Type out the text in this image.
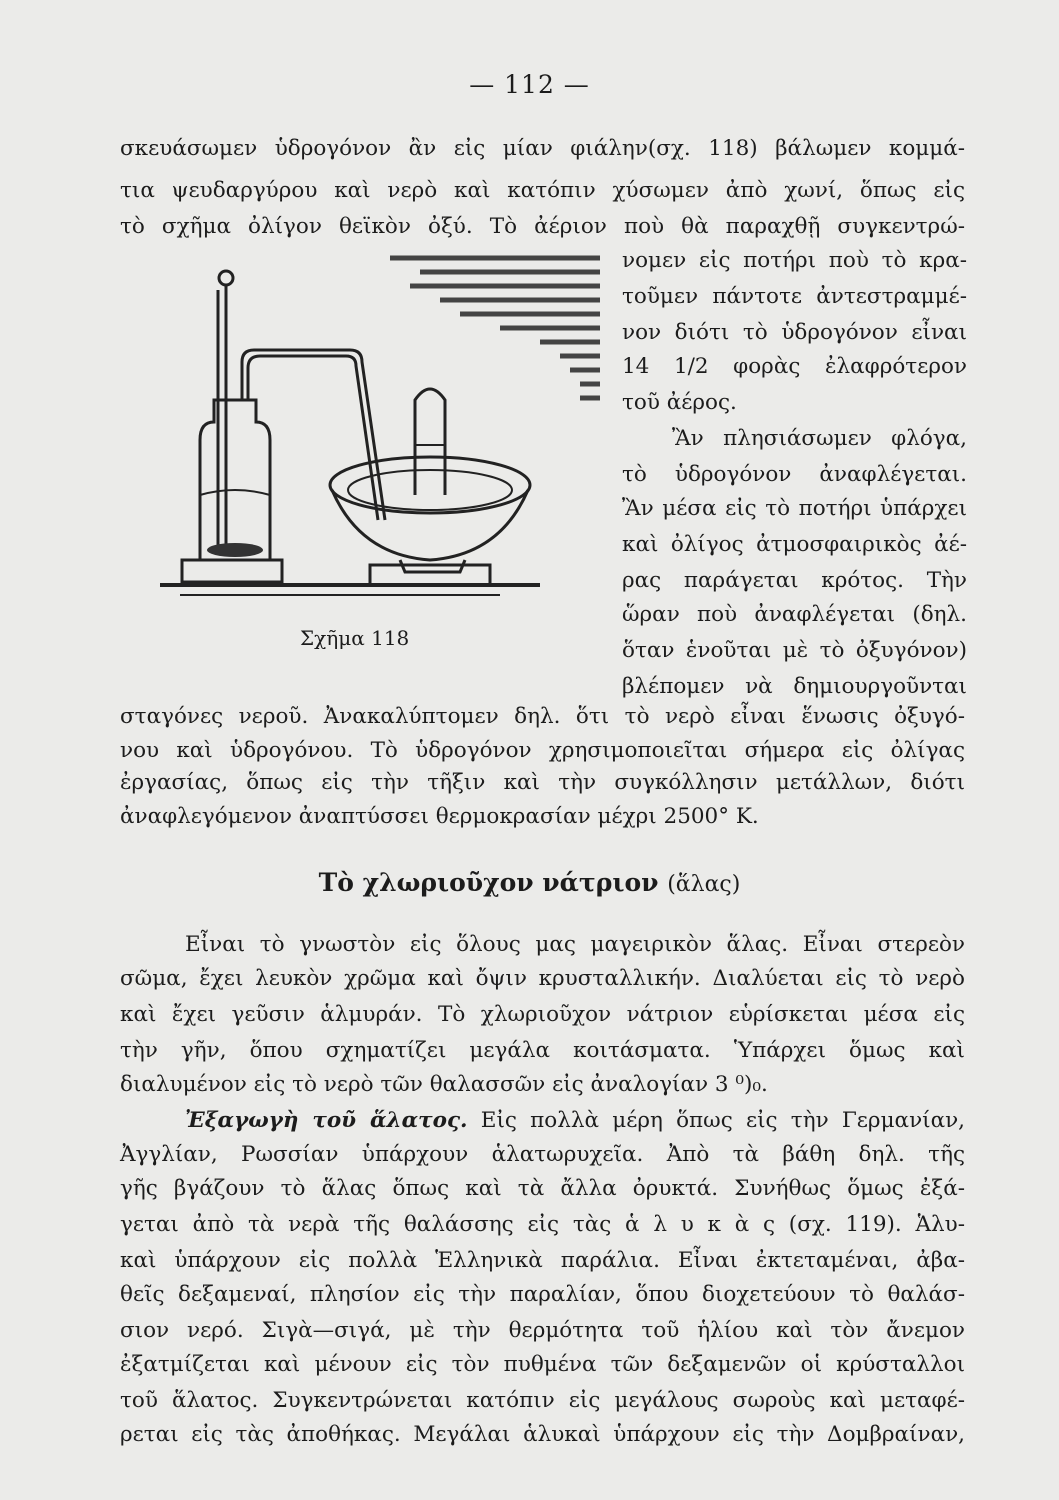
— 112 —
σκευάσωμεν ὑδρογόνον ἂν εἰς μίαν φιάλην(σχ. 118) βάλωμεν κομμά-
τια ψευδαργύρου καὶ νερὸ καὶ κατόπιν χύσωμεν ἀπὸ χωνί, ὅπως εἰς
τὸ σχῆμα ὀλίγον θεϊκὸν ὀξύ. Τὸ ἀέριον ποὺ θὰ παραχθῇ συγκεντρώ-
νομεν εἰς ποτήρι ποὺ τὸ κρα-
τοῦμεν πάντοτε ἀντεστραμμέ-
νον διότι τὸ ὑδρογόνον εἶναι
14 1/2 φορὰς ἐλαφρότερον
τοῦ ἀέρος.
Ἂν πλησιάσωμεν φλόγα,
τὸ ὑδρογόνον ἀναφλέγεται.
Ἂν μέσα εἰς τὸ ποτήρι ὑπάρχει
καὶ ὀλίγος ἀτμοσφαιρικὸς ἀέ-
ρας παράγεται κρότος. Τὴν
ὥραν ποὺ ἀναφλέγεται (δηλ.
ὅταν ἑνοῦται μὲ τὸ ὀξυγόνον)
βλέπομεν νὰ δημιουργοῦνται
σταγόνες νεροῦ. Ἀνακαλύπτομεν δηλ. ὅτι τὸ νερὸ εἶναι ἕνωσις ὀξυγό-
νου καὶ ὑδρογόνου. Τὸ ὑδρογόνον χρησιμοποιεῖται σήμερα εἰς ὀλίγας
ἐργασίας, ὅπως εἰς τὴν τῆξιν καὶ τὴν συγκόλλησιν μετάλλων, διότι
ἀναφλεγόμενον ἀναπτύσσει θερμοκρασίαν μέχρι 2500° Κ.
Σχῆμα 118
Τὸ χλωριοῦχον νάτριον (ἅλας)
Εἶναι τὸ γνωστὸν εἰς ὅλους μας μαγειρικὸν ἅλας. Εἶναι στερεὸν
σῶμα, ἔχει λευκὸν χρῶμα καὶ ὄψιν κρυσταλλικήν. Διαλύεται εἰς τὸ νερὸ
καὶ ἔχει γεῦσιν ἁλμυράν. Τὸ χλωριοῦχον νάτριον εὑρίσκεται μέσα εἰς
τὴν γῆν, ὅπου σχηματίζει μεγάλα κοιτάσματα. Ὑπάρχει ὅμως καὶ
διαλυμένον εἰς τὸ νερὸ τῶν θαλασσῶν εἰς ἀναλογίαν 3 ⁰)₀.
Ἐξαγωγὴ τοῦ ἅλατος. Εἰς πολλὰ μέρη ὅπως εἰς τὴν Γερμανίαν,
Ἀγγλίαν, Ρωσσίαν ὑπάρχουν ἁλατωρυχεῖα. Ἀπὸ τὰ βάθη δηλ. τῆς
γῆς βγάζουν τὸ ἅλας ὅπως καὶ τὰ ἄλλα ὀρυκτά. Συνήθως ὅμως ἐξά-
γεται ἀπὸ τὰ νερὰ τῆς θαλάσσης εἰς τὰς ἁ λ υ κ ὰ ς (σχ. 119). Ἁλυ-
καὶ ὑπάρχουν εἰς πολλὰ Ἑλληνικὰ παράλια. Εἶναι ἐκτεταμέναι, ἀβα-
θεῖς δεξαμεναί, πλησίον εἰς τὴν παραλίαν, ὅπου διοχετεύουν τὸ θαλάσ-
σιον νερό. Σιγὰ—σιγά, μὲ τὴν θερμότητα τοῦ ἡλίου καὶ τὸν ἄνεμον
ἐξατμίζεται καὶ μένουν εἰς τὸν πυθμένα τῶν δεξαμενῶν οἱ κρύσταλλοι
τοῦ ἅλατος. Συγκεντρώνεται κατόπιν εἰς μεγάλους σωροὺς καὶ μεταφέ-
ρεται εἰς τὰς ἀποθήκας. Μεγάλαι ἁλυκαὶ ὑπάρχουν εἰς τὴν Δομβραίναν,
